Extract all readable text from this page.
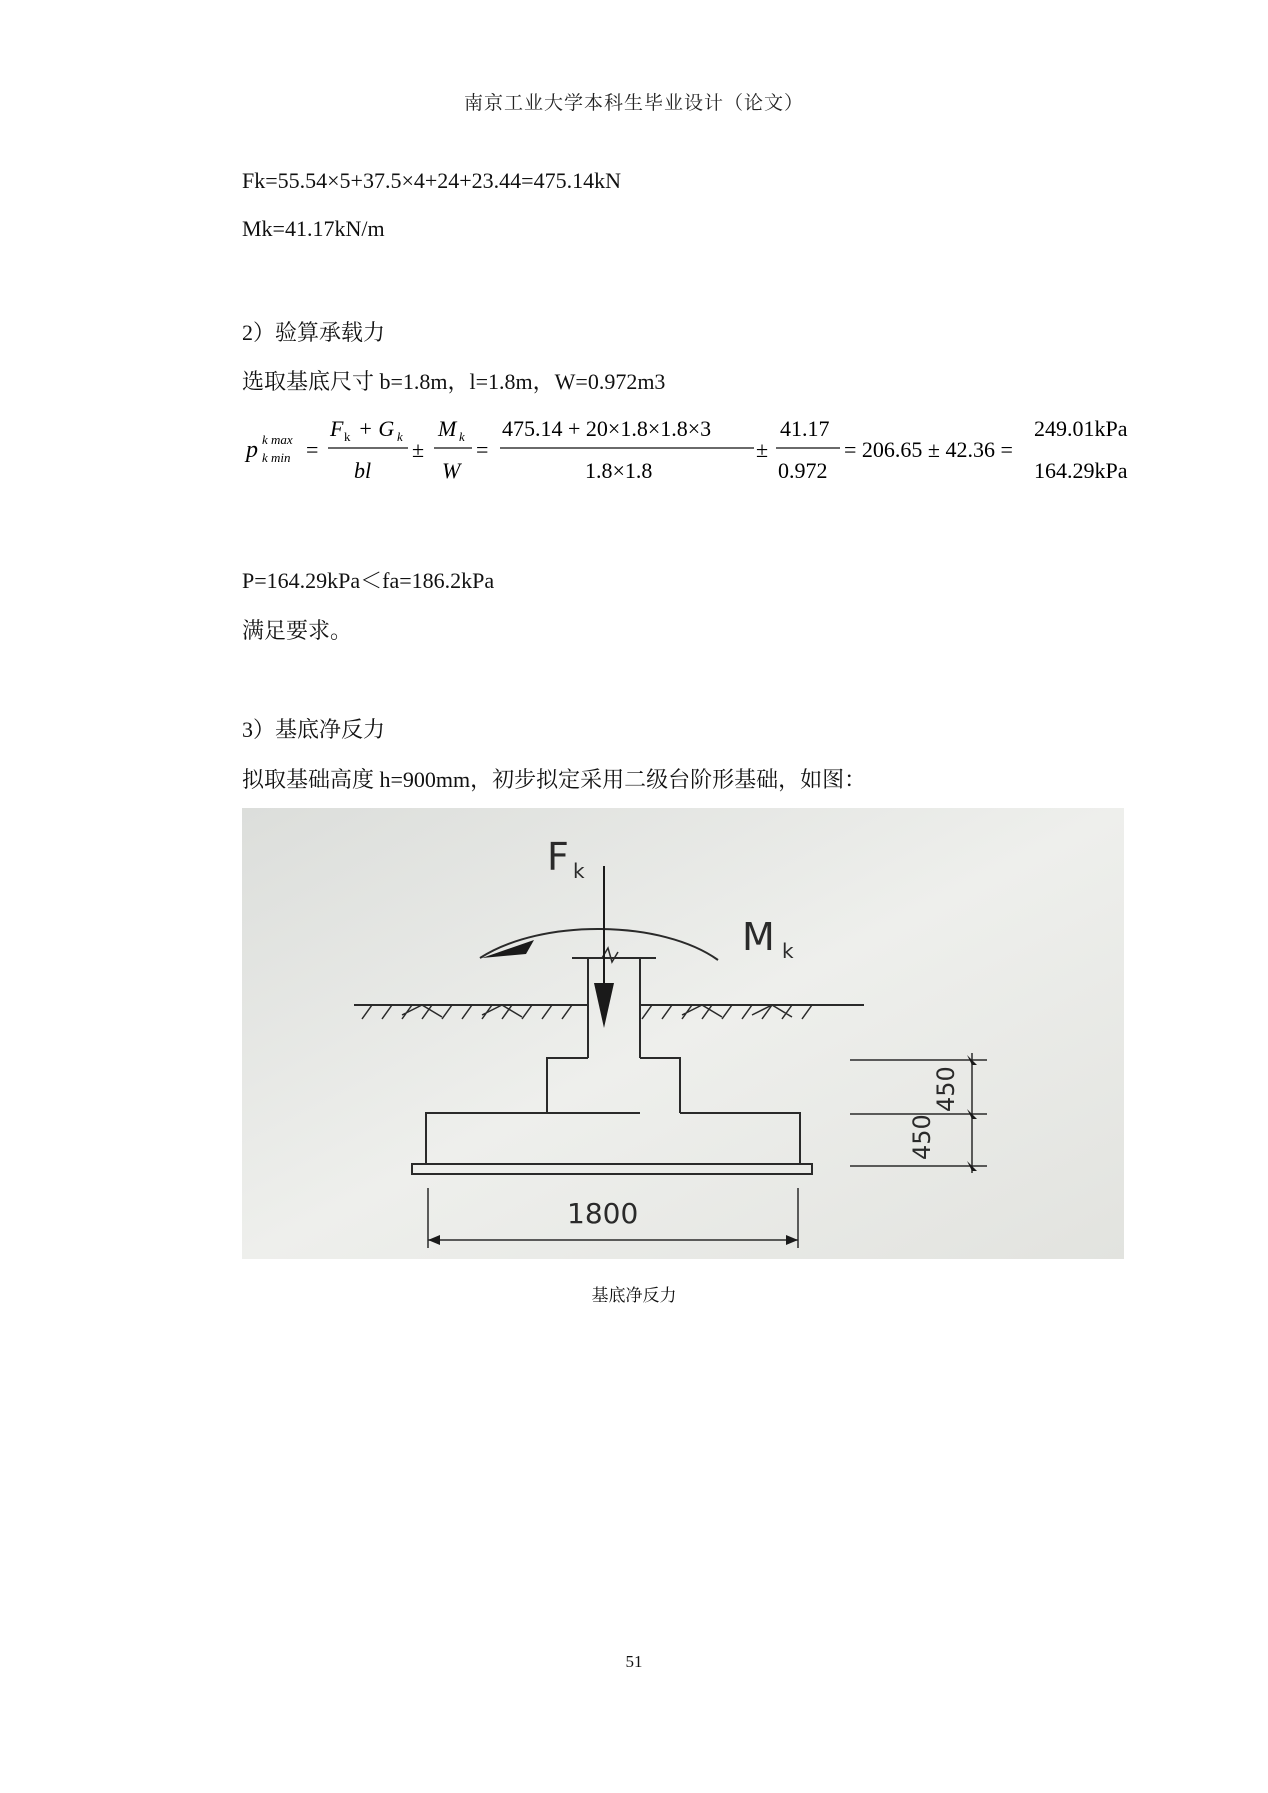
南京工业大学本科生毕业设计（论文）
Fk=55.54×5+37.5×4+24+23.44=475.14kN
Mk=41.17kN/m
2）验算承载力
选取基底尺寸 b=1.8m，l=1.8m，W=0.972m3
p k max
k min =
F k + G k
bl
±
M k
W
=
475.14 + 20×1.8×1.8×3
1.8×1.8
±
41.17
0.972
= 206.65 ± 42.36 =
249.01kPa
164.29kPa
P=164.29kPa＜fa=186.2kPa
满足要求。
3）基底净反力
拟取基础高度 h=900mm，初步拟定采用二级台阶形基础，如图：
F k
M k
1800
450
450
基底净反力
51
